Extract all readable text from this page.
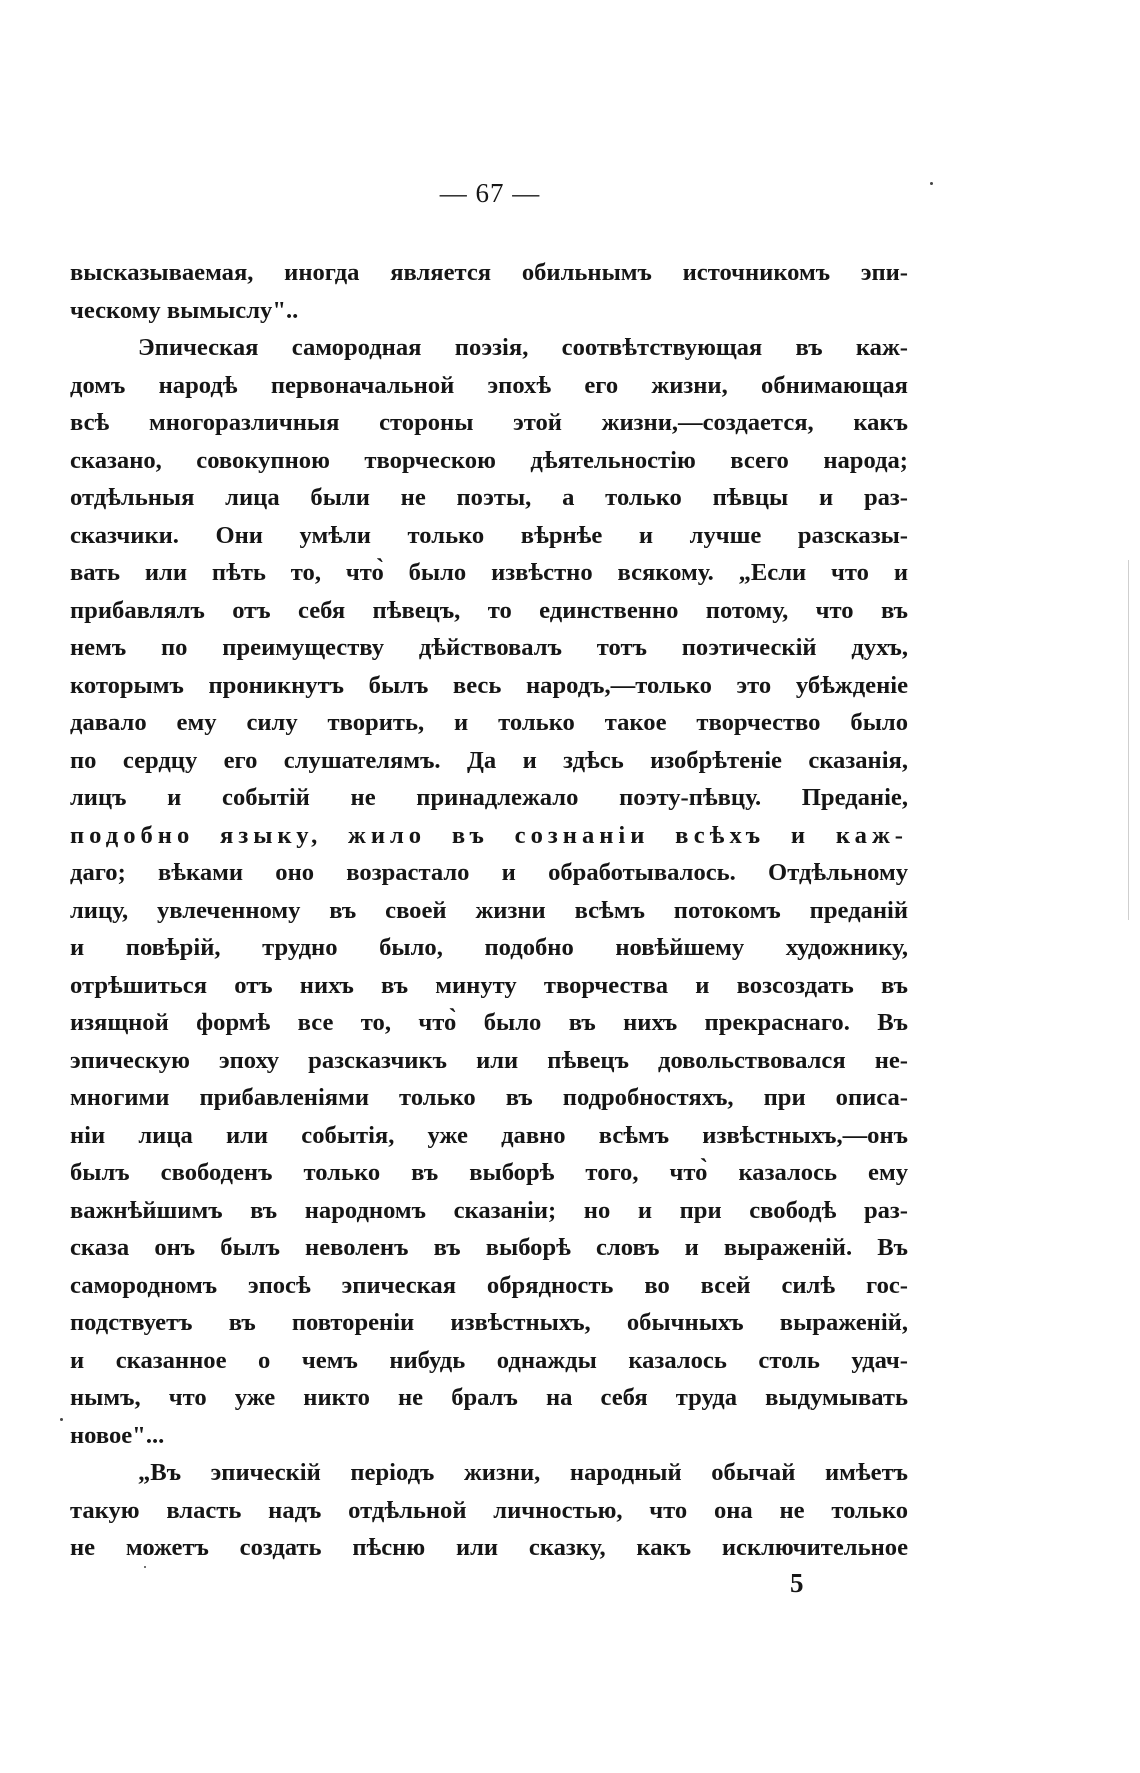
— 67 —
высказываемая, иногда является обильнымъ источникомъ эпи-
ческому вымыслу"..
Эпическая самородная поэзія, соотвѣтствующая въ каж-
домъ народѣ первоначальной эпохѣ его жизни, обнимающая
всѣ многоразличныя стороны этой жизни,—создается, какъ
сказано, совокупною творческою дѣятельностію всего народа;
отдѣльныя лица были не поэты, а только пѣвцы и раз-
сказчики. Они умѣли только вѣрнѣе и лучше разсказы-
вать или пѣть то, что̀ было извѣстно всякому. „Если что и
прибавлялъ отъ себя пѣвецъ, то единственно потому, что въ
немъ по преимуществу дѣйствовалъ тотъ поэтическій духъ,
которымъ проникнутъ былъ весь народъ,—только это убѣжденіе
давало ему силу творить, и только такое творчество было
по сердцу его слушателямъ. Да и здѣсь изобрѣтеніе сказанія,
лицъ и событій не принадлежало поэту-пѣвцу. Преданіе,
подобно языку, жило въ сознаніи всѣхъ и каж-
даго; вѣками оно возрастало и обработывалось. Отдѣльному
лицу, увлеченному въ своей жизни всѣмъ потокомъ преданій
и повѣрій, трудно было, подобно новѣйшему художнику,
отрѣшиться отъ нихъ въ минуту творчества и возсоздать въ
изящной формѣ все то, что̀ было въ нихъ прекраснаго. Въ
эпическую эпоху разсказчикъ или пѣвецъ довольствовался не-
многими прибавленіями только въ подробностяхъ, при описа-
ніи лица или событія, уже давно всѣмъ извѣстныхъ,—онъ
былъ свободенъ только въ выборѣ того, что̀ казалось ему
важнѣйшимъ въ народномъ сказаніи; но и при свободѣ раз-
сказа онъ былъ неволенъ въ выборѣ словъ и выраженій. Въ
самородномъ эпосѣ эпическая обрядность во всей силѣ гос-
подствуетъ въ повтореніи извѣстныхъ, обычныхъ выраженій,
и сказанное о чемъ нибудь однажды казалось столь удач-
нымъ, что уже никто не бралъ на себя труда выдумывать
новое"...
„Въ эпическій періодъ жизни, народный обычай имѣетъ
такую власть надъ отдѣльной личностью, что она не только
не можетъ создать пѣсню или сказку, какъ исключительное
5
